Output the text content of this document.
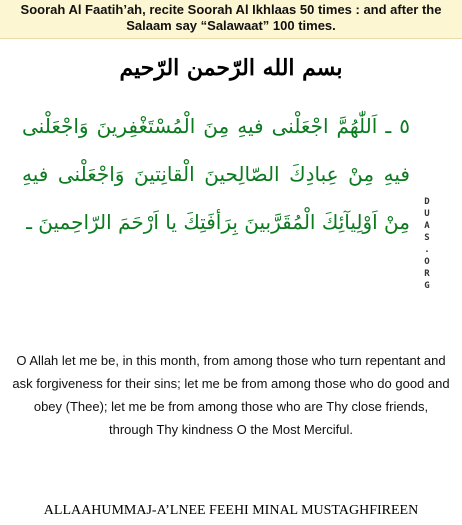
Soorah Al Faatih’ah, recite Soorah Al Ikhlaas 50 times : and after the Salaam say “Salawaat” 100 times.

بسم الله الرّحمن الرّحيم
٥ ـ اَللّٰهُمَّ اجْعَلْنى فيهِ مِنَ الْمُسْتَغْفِرينَ وَاجْعَلْنى فيهِ مِنْ عِبادِكَ الصّالِحينَ الْقانِتينَ وَاجْعَلْنى فيهِ مِنْ اَوْلِيآئِكَ الْمُقَرَّبينَ بِرَأفَتِكَ يا اَرْحَمَ الرّاحِمينَ ـ
D
U
A
S
.
O
R
G

O Allah let me be, in this month, from among those who turn repentant and ask forgiveness for their sins; let me be from among those who do good and obey (Thee); let me be from among those who are Thy close friends, through Thy kindness O the Most Merciful.

ALLAAHUMMAJ-A’LNEE FEEHI MINAL MUSTAGHFIREEN
